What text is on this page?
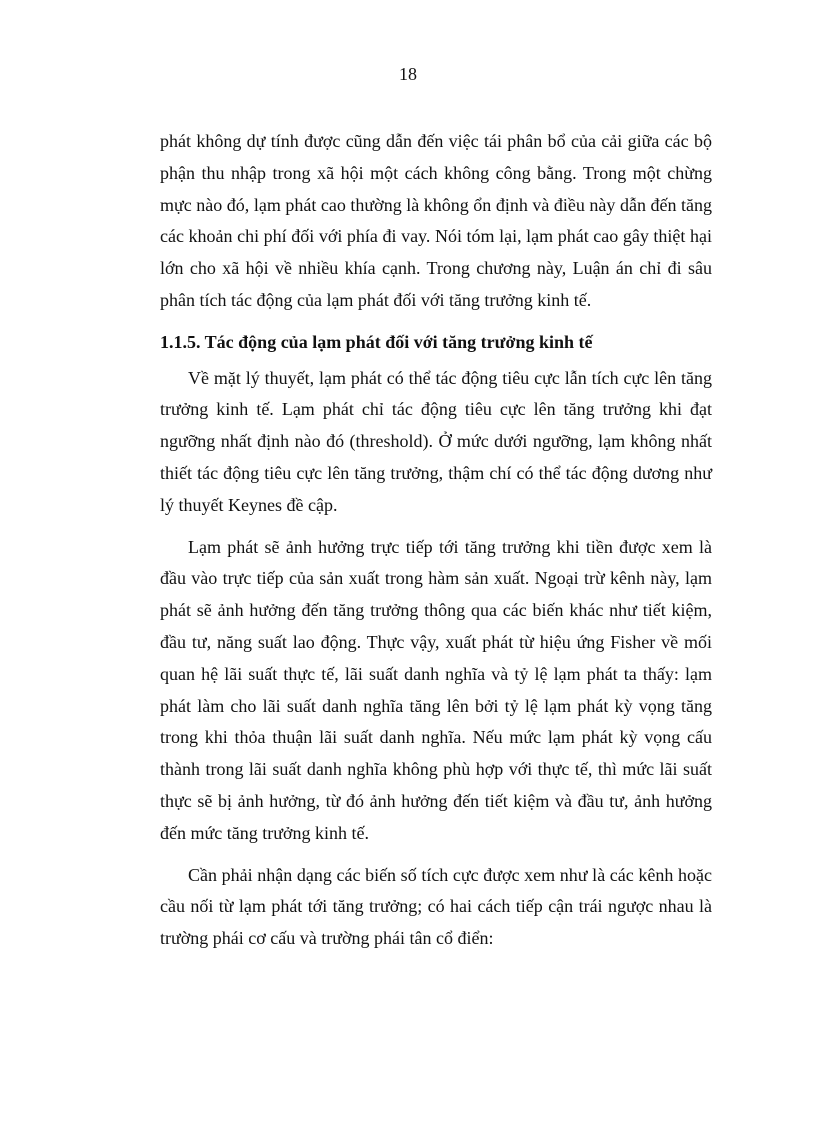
18

phát không dự tính được cũng dẫn đến việc tái phân bổ của cải giữa các bộ phận thu nhập trong xã hội một cách không công bằng. Trong một chừng mực nào đó, lạm phát cao thường là không ổn định và điều này dẫn đến tăng các khoản chi phí đối với phía đi vay. Nói tóm lại, lạm phát cao gây thiệt hại lớn cho xã hội về nhiều khía cạnh. Trong chương này, Luận án chỉ đi sâu phân tích tác động của lạm phát đối với tăng trưởng kinh tế.

1.1.5. Tác động của lạm phát đối với tăng trưởng kinh tế

Về mặt lý thuyết, lạm phát có thể tác động tiêu cực lẫn tích cực lên tăng trưởng kinh tế. Lạm phát chỉ tác động tiêu cực lên tăng trưởng khi đạt ngưỡng nhất định nào đó (threshold). Ở mức dưới ngưỡng, lạm không nhất thiết tác động tiêu cực lên tăng trưởng, thậm chí có thể tác động dương như lý thuyết Keynes đề cập.

Lạm phát sẽ ảnh hưởng trực tiếp tới tăng trưởng khi tiền được xem là đầu vào trực tiếp của sản xuất trong hàm sản xuất. Ngoại trừ kênh này, lạm phát sẽ ảnh hưởng đến tăng trưởng thông qua các biến khác như tiết kiệm, đầu tư, năng suất lao động. Thực vậy, xuất phát từ hiệu ứng Fisher về mối quan hệ lãi suất thực tế, lãi suất danh nghĩa và tỷ lệ lạm phát ta thấy: lạm phát làm cho lãi suất danh nghĩa tăng lên bởi tỷ lệ lạm phát kỳ vọng tăng trong khi thỏa thuận lãi suất danh nghĩa. Nếu mức lạm phát kỳ vọng cấu thành trong lãi suất danh nghĩa không phù hợp với thực tế, thì mức lãi suất thực sẽ bị ảnh hưởng, từ đó ảnh hưởng đến tiết kiệm và đầu tư, ảnh hưởng đến mức tăng trưởng kinh tế.

Cần phải nhận dạng các biến số tích cực được xem như là các kênh hoặc cầu nối từ lạm phát tới tăng trưởng; có hai cách tiếp cận trái ngược nhau là trường phái cơ cấu và trường phái tân cổ điển:
